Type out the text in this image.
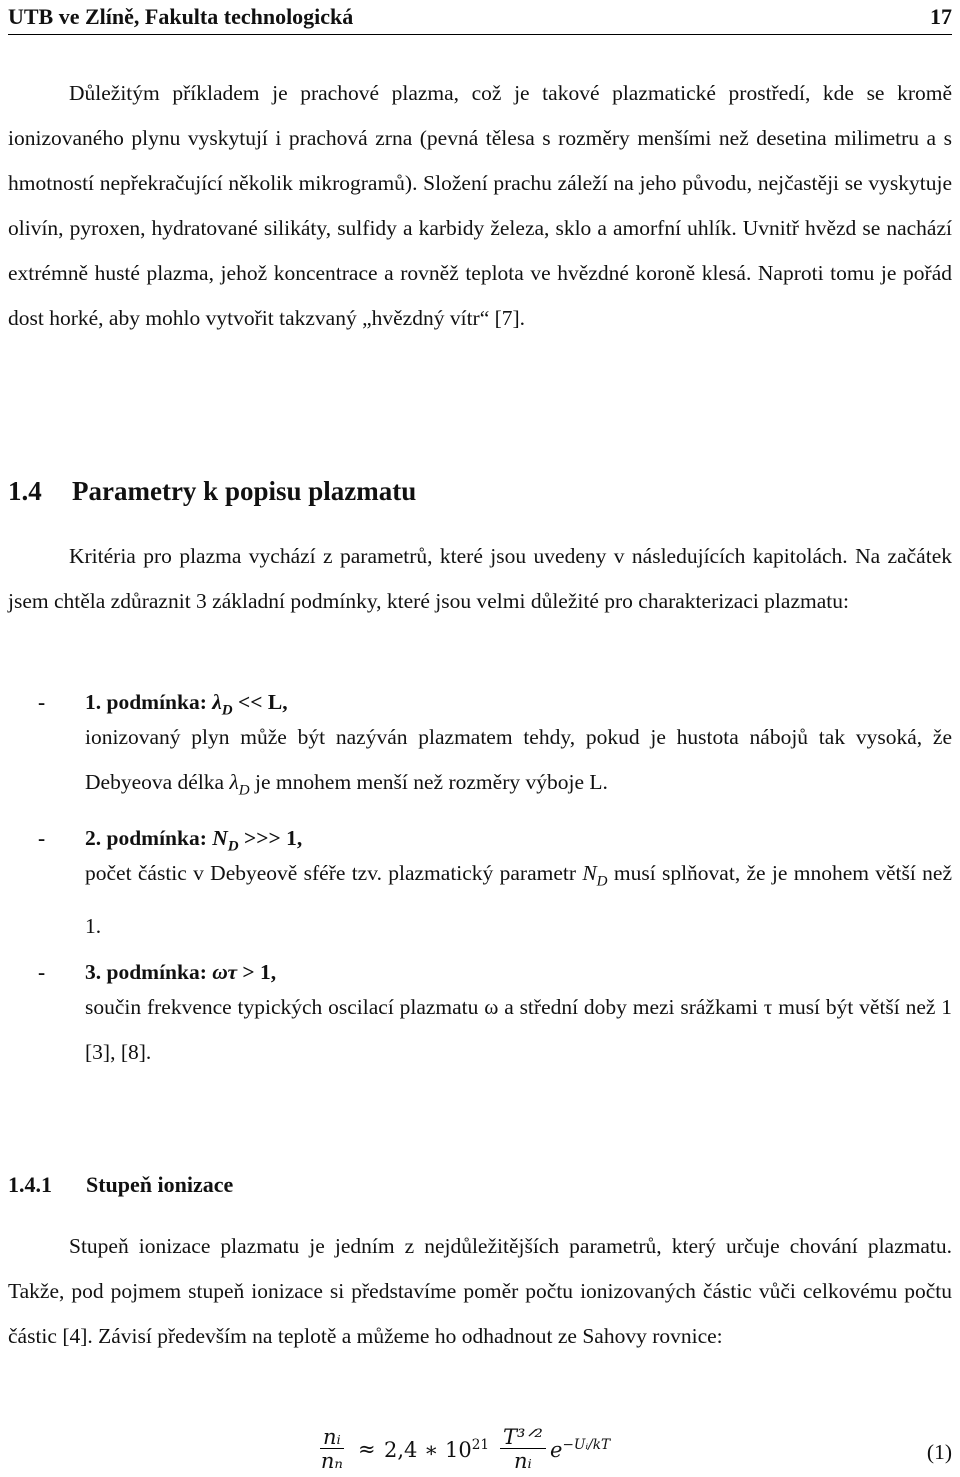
UTB ve Zlíně, Fakulta technologická	17

Důležitým příkladem je prachové plazma, což je takové plazmatické prostředí, kde se kromě ionizovaného plynu vyskytují i prachová zrna (pevná tělesa s rozměry menšími než desetina milimetru a s hmotností nepřekračující několik mikrogramů). Složení prachu záleží na jeho původu, nejčastěji se vyskytuje olivín, pyroxen, hydratované silikáty, sulfidy a karbidy železa, sklo a amorfní uhlík. Uvnitř hvězd se nachází extrémně husté plazma, jehož koncentrace a rovněž teplota ve hvězdné koroně klesá. Naproti tomu je pořád dost horké, aby mohlo vytvořit takzvaný „hvězdný vítr“ [7].

1.4 Parametry k popisu plazmatu

Kritéria pro plazma vychází z parametrů, které jsou uvedeny v následujících kapitolách. Na začátek jsem chtěla zdůraznit 3 základní podmínky, které jsou velmi důležité pro charakterizaci plazmatu:

- 1. podmínka: $\lambda_D << L$,

ionizovaný plyn může být nazýván plazmatem tehdy, pokud je hustota nábojů tak vysoká, že Debyeova délka $\lambda_D$ je mnohem menší než rozměry výboje L.

- 2. podmínka: $N_D$ >>> 1,

počet částic v Debyeově sféře tzv. plazmatický parametr $N_D$ musí splňovat, že je mnohem větší než 1.

- 3. podmínka: ωτ > 1,

součin frekvence typických oscilací plazmatu ω a střední doby mezi srážkami τ musí být větší než 1 [3], [8].

1.4.1 Stupeň ionizace

Stupeň ionizace plazmatu je jedním z nejdůležitějších parametrů, který určuje chování plazmatu. Takže, pod pojmem stupeň ionizace si představíme poměr počtu ionizovaných částic vůči celkovému počtu částic [4]. Závisí především na teplotě a můžeme ho odhadnout ze Sahovy rovnice:

$\frac{\text{nᵢ}}{\text{nₙ}} \approx 2,4$ ∗ $10^{21}$ T³ᐟ²
nᵢ $e^{-Uᵢ/kT}$	(1)
